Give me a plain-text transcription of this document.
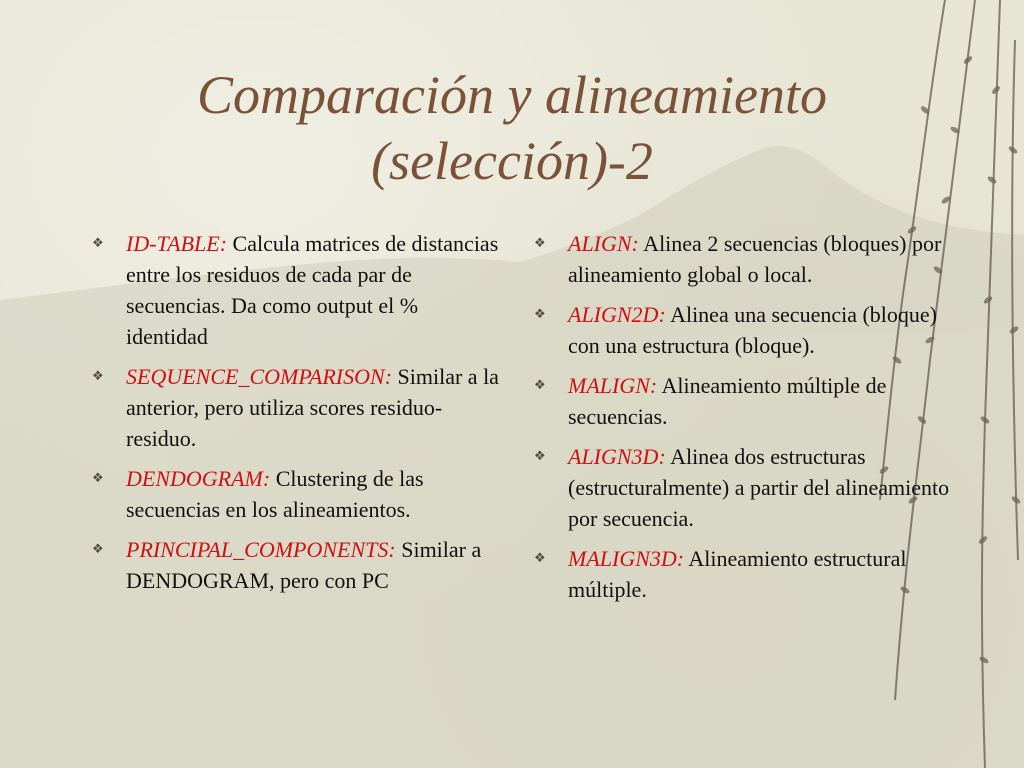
Comparación y alineamiento
(selección)-2
❖ ID-TABLE: Calcula matrices de distancias entre los residuos de cada par de secuencias. Da como output el % identidad
❖ SEQUENCE_COMPARISON: Similar a la anterior, pero utiliza scores residuo-residuo.
❖ DENDOGRAM: Clustering de las secuencias en los alineamientos.
❖ PRINCIPAL_COMPONENTS: Similar a DENDOGRAM, pero con PC
❖ ALIGN: Alinea 2 secuencias (bloques) por alineamiento global o local.
❖ ALIGN2D: Alinea una secuencia (bloque) con una estructura (bloque).
❖ MALIGN: Alineamiento múltiple de secuencias.
❖ ALIGN3D: Alinea dos estructuras (estructuralmente) a partir del alineamiento por secuencia.
❖ MALIGN3D: Alineamiento estructural múltiple.
